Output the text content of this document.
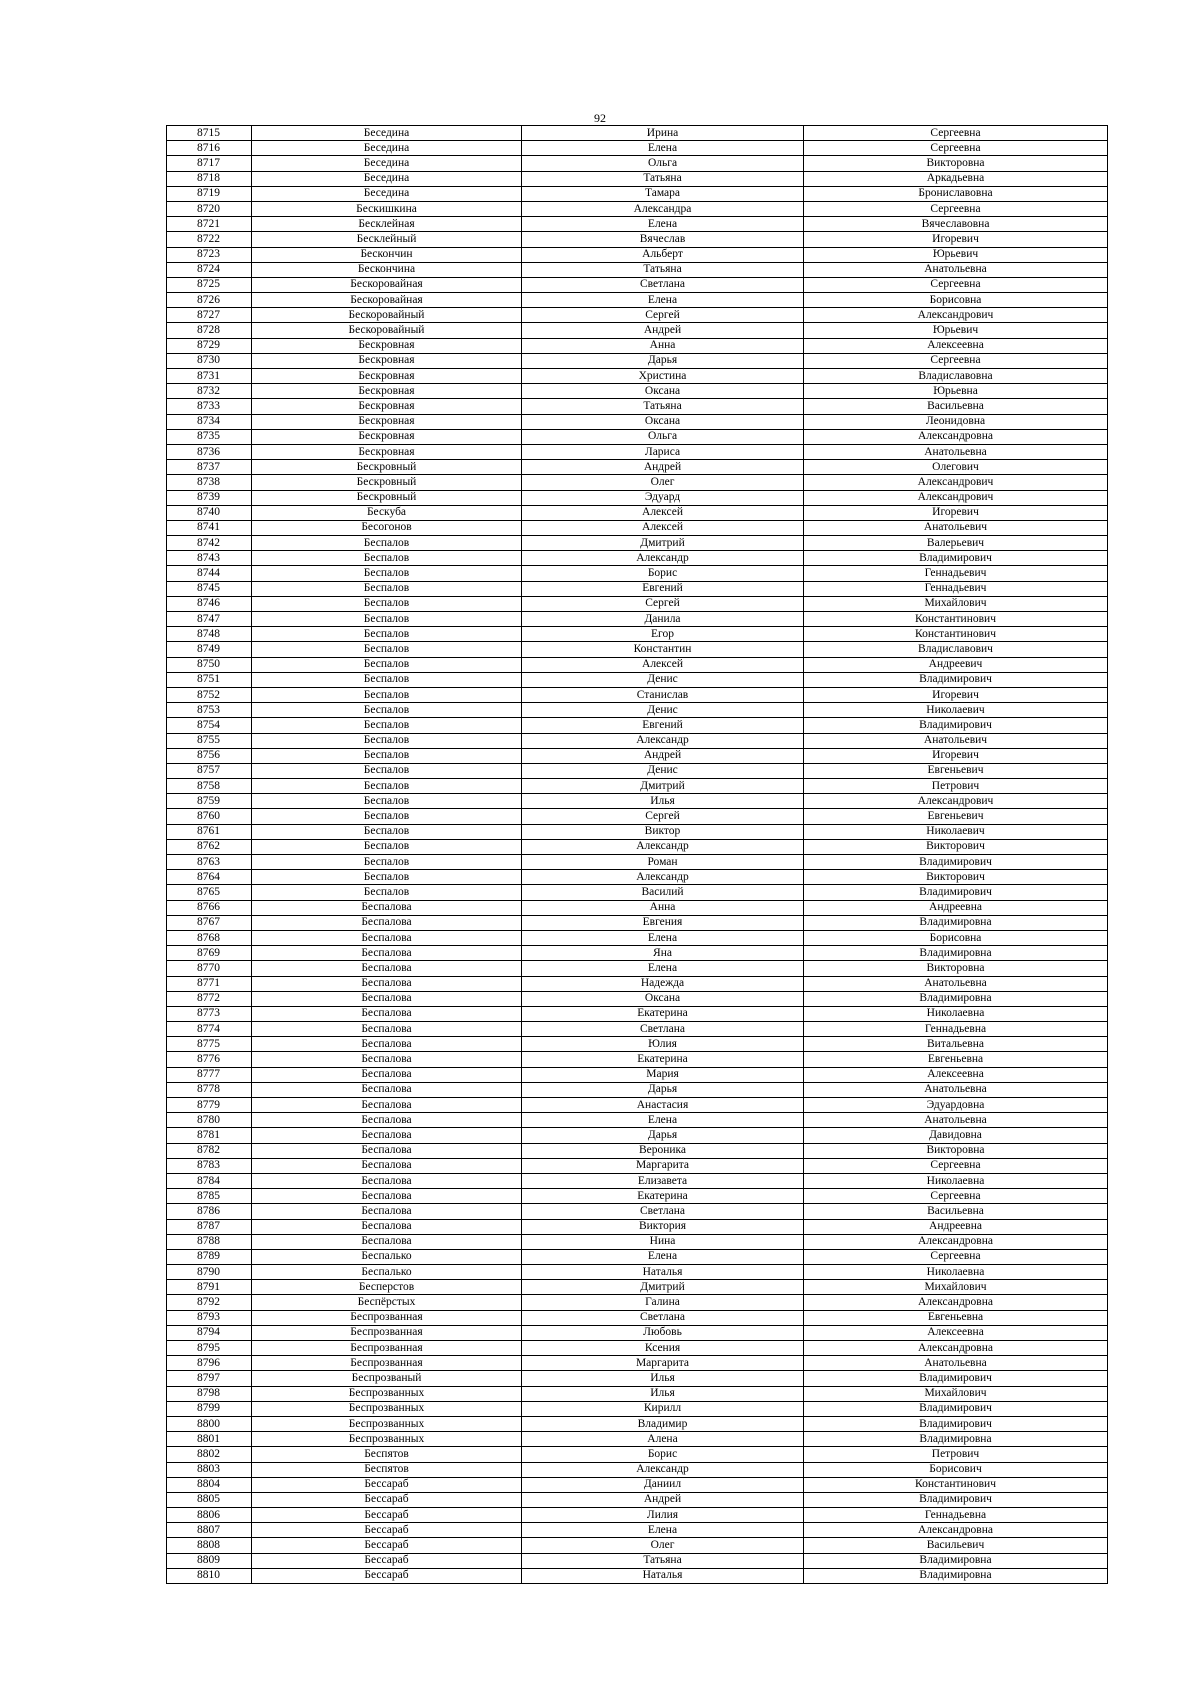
92
8715	Беседина	Ирина	Сергеевна
8716	Беседина	Елена	Сергеевна
8717	Беседина	Ольга	Викторовна
8718	Беседина	Татьяна	Аркадьевна
8719	Беседина	Тамара	Брониславовна
8720	Бескишкина	Александра	Сергеевна
8721	Бесклейная	Елена	Вячеславовна
8722	Бесклейный	Вячеслав	Игоревич
8723	Бескончин	Альберт	Юрьевич
8724	Бескончина	Татьяна	Анатольевна
8725	Бескоровайная	Светлана	Сергеевна
8726	Бескоровайная	Елена	Борисовна
8727	Бескоровайный	Сергей	Александрович
8728	Бескоровайный	Андрей	Юрьевич
8729	Бескровная	Анна	Алексеевна
8730	Бескровная	Дарья	Сергеевна
8731	Бескровная	Христина	Владиславовна
8732	Бескровная	Оксана	Юрьевна
8733	Бескровная	Татьяна	Васильевна
8734	Бескровная	Оксана	Леонидовна
8735	Бескровная	Ольга	Александровна
8736	Бескровная	Лариса	Анатольевна
8737	Бескровный	Андрей	Олегович
8738	Бескровный	Олег	Александрович
8739	Бескровный	Эдуард	Александрович
8740	Бескуба	Алексей	Игоревич
8741	Бесогонов	Алексей	Анатольевич
8742	Беспалов	Дмитрий	Валерьевич
8743	Беспалов	Александр	Владимирович
8744	Беспалов	Борис	Геннадьевич
8745	Беспалов	Евгений	Геннадьевич
8746	Беспалов	Сергей	Михайлович
8747	Беспалов	Данила	Константинович
8748	Беспалов	Егор	Константинович
8749	Беспалов	Константин	Владиславович
8750	Беспалов	Алексей	Андреевич
8751	Беспалов	Денис	Владимирович
8752	Беспалов	Станислав	Игоревич
8753	Беспалов	Денис	Николаевич
8754	Беспалов	Евгений	Владимирович
8755	Беспалов	Александр	Анатольевич
8756	Беспалов	Андрей	Игоревич
8757	Беспалов	Денис	Евгеньевич
8758	Беспалов	Дмитрий	Петрович
8759	Беспалов	Илья	Александрович
8760	Беспалов	Сергей	Евгеньевич
8761	Беспалов	Виктор	Николаевич
8762	Беспалов	Александр	Викторович
8763	Беспалов	Роман	Владимирович
8764	Беспалов	Александр	Викторович
8765	Беспалов	Василий	Владимирович
8766	Беспалова	Анна	Андреевна
8767	Беспалова	Евгения	Владимировна
8768	Беспалова	Елена	Борисовна
8769	Беспалова	Яна	Владимировна
8770	Беспалова	Елена	Викторовна
8771	Беспалова	Надежда	Анатольевна
8772	Беспалова	Оксана	Владимировна
8773	Беспалова	Екатерина	Николаевна
8774	Беспалова	Светлана	Геннадьевна
8775	Беспалова	Юлия	Витальевна
8776	Беспалова	Екатерина	Евгеньевна
8777	Беспалова	Мария	Алексеевна
8778	Беспалова	Дарья	Анатольевна
8779	Беспалова	Анастасия	Эдуардовна
8780	Беспалова	Елена	Анатольевна
8781	Беспалова	Дарья	Давидовна
8782	Беспалова	Вероника	Викторовна
8783	Беспалова	Маргарита	Сергеевна
8784	Беспалова	Елизавета	Николаевна
8785	Беспалова	Екатерина	Сергеевна
8786	Беспалова	Светлана	Васильевна
8787	Беспалова	Виктория	Андреевна
8788	Беспалова	Нина	Александровна
8789	Беспалько	Елена	Сергеевна
8790	Беспалько	Наталья	Николаевна
8791	Бесперстов	Дмитрий	Михайлович
8792	Беспёрстых	Галина	Александровна
8793	Беспрозванная	Светлана	Евгеньевна
8794	Беспрозванная	Любовь	Алексеевна
8795	Беспрозванная	Ксения	Александровна
8796	Беспрозванная	Маргарита	Анатольевна
8797	Беспрозваный	Илья	Владимирович
8798	Беспрозванных	Илья	Михайлович
8799	Беспрозванных	Кирилл	Владимирович
8800	Беспрозванных	Владимир	Владимирович
8801	Беспрозванных	Алена	Владимировна
8802	Беспятов	Борис	Петрович
8803	Беспятов	Александр	Борисович
8804	Бессараб	Даниил	Константинович
8805	Бессараб	Андрей	Владимирович
8806	Бессараб	Лилия	Геннадьевна
8807	Бессараб	Елена	Александровна
8808	Бессараб	Олег	Васильевич
8809	Бессараб	Татьяна	Владимировна
8810	Бессараб	Наталья	Владимировна
